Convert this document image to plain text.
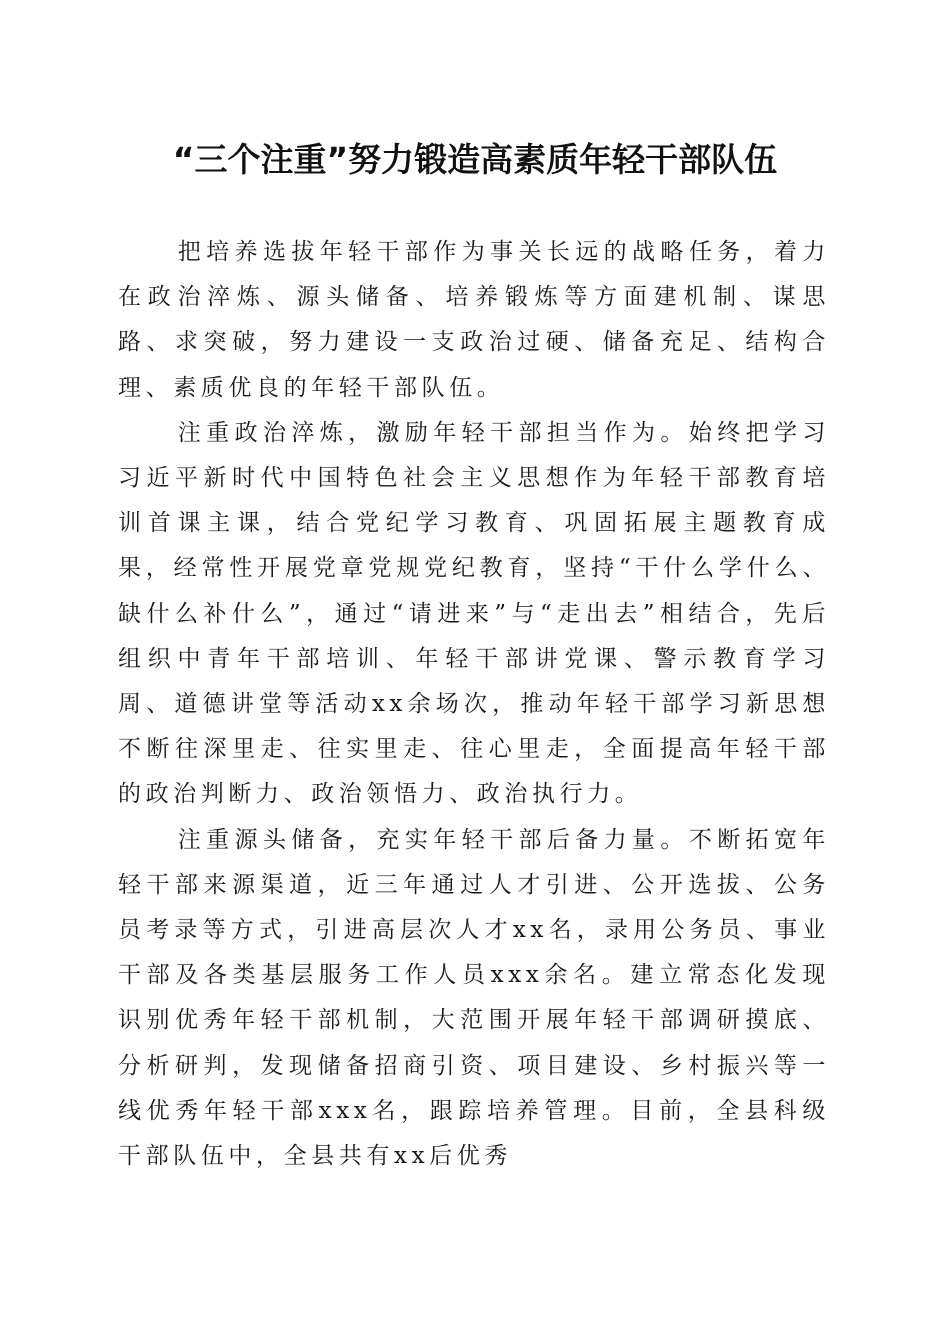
“三个注重”努力锻造高素质年轻干部队伍

把培养选拔年轻干部作为事关长远的战略任务，着力在政治淬炼、源头储备、培养锻炼等方面建机制、谋思路、求突破，努力建设一支政治过硬、储备充足、结构合理、素质优良的年轻干部队伍。

注重政治淬炼，激励年轻干部担当作为。始终把学习习近平新时代中国特色社会主义思想作为年轻干部教育培训首课主课，结合党纪学习教育、巩固拓展主题教育成果，经常性开展党章党规党纪教育，坚持“干什么学什么、缺什么补什么”，通过“请进来”与“走出去”相结合，先后组织中青年干部培训、年轻干部讲党课、警示教育学习周、道德讲堂等活动xx余场次，推动年轻干部学习新思想不断往深里走、往实里走、往心里走，全面提高年轻干部的政治判断力、政治领悟力、政治执行力。

注重源头储备，充实年轻干部后备力量。不断拓宽年轻干部来源渠道，近三年通过人才引进、公开选拔、公务员考录等方式，引进高层次人才xx名，录用公务员、事业干部及各类基层服务工作人员xxx余名。建立常态化发现识别优秀年轻干部机制，大范围开展年轻干部调研摸底、分析研判，发现储备招商引资、项目建设、乡村振兴等一线优秀年轻干部xxx名，跟踪培养管理。目前，全县科级干部队伍中，全县共有xx后优秀
